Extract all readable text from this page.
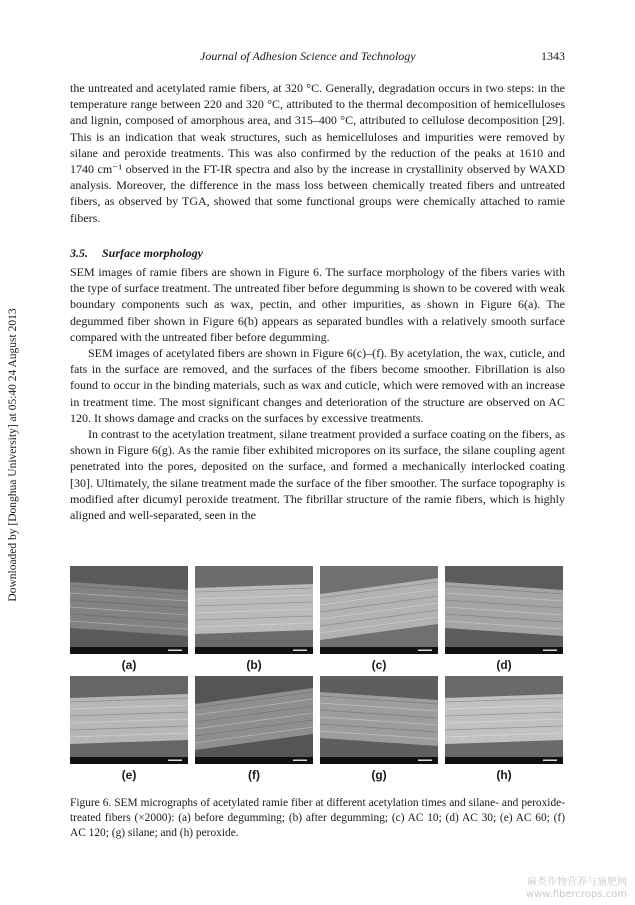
Downloaded by [Donghua University] at 05:40 24 August 2013
Journal of Adhesion Science and Technology	1343

the untreated and acetylated ramie fibers, at 320 °C. Generally, degradation occurs in two steps: in the temperature range between 220 and 320 °C, attributed to the thermal decomposition of hemicelluloses and lignin, composed of amorphous area, and 315–400 °C, attributed to cellulose decomposition [29]. This is an indication that weak structures, such as hemicelluloses and impurities were removed by silane and peroxide treatments. This was also confirmed by the reduction of the peaks at 1610 and 1740 cm⁻¹ observed in the FT-IR spectra and also by the increase in crystallinity observed by WAXD analysis. Moreover, the difference in the mass loss between chemically treated fibers and untreated fibers, as observed by TGA, showed that some functional groups were chemically attached to ramie fibers.

3.5. Surface morphology

SEM images of ramie fibers are shown in Figure 6. The surface morphology of the fibers varies with the type of surface treatment. The untreated fiber before degumming is shown to be covered with weak boundary components such as wax, pectin, and other impurities, as shown in Figure 6(a). The degummed fiber shown in Figure 6(b) appears as separated bundles with a relatively smooth surface compared with the untreated fiber before degumming.

SEM images of acetylated fibers are shown in Figure 6(c)–(f). By acetylation, the wax, cuticle, and fats in the surface are removed, and the surfaces of the fibers become smoother. Fibrillation is also found to occur in the binding materials, such as wax and cuticle, which were removed with an increase in treatment time. The most significant changes and deterioration of the structure are observed on AC 120. It shows damage and cracks on the surfaces by excessive treatments.

In contrast to the acetylation treatment, silane treatment provided a surface coating on the fibers, as shown in Figure 6(g). As the ramie fiber exhibited micropores on its surface, the silane coupling agent penetrated into the pores, deposited on the surface, and formed a mechanically interlocked coating [30]. Ultimately, the silane treatment made the surface of the fiber smoother. The surface topography is modified after dicumyl peroxide treatment. The fibrillar structure of the ramie fibers, which is highly aligned and well-separated, seen in the

(a)	(b)	(c)	(d)
(e)	(f)	(g)	(h)
Figure 6. SEM micrographs of acetylated ramie fiber at different acetylation times and silane- and peroxide-treated fibers (×2000): (a) before degumming; (b) after degumming; (c) AC 10; (d) AC 30; (e) AC 60; (f) AC 120; (g) silane; and (h) peroxide.
麻类作物营养与施肥网
www.fibercrops.com
